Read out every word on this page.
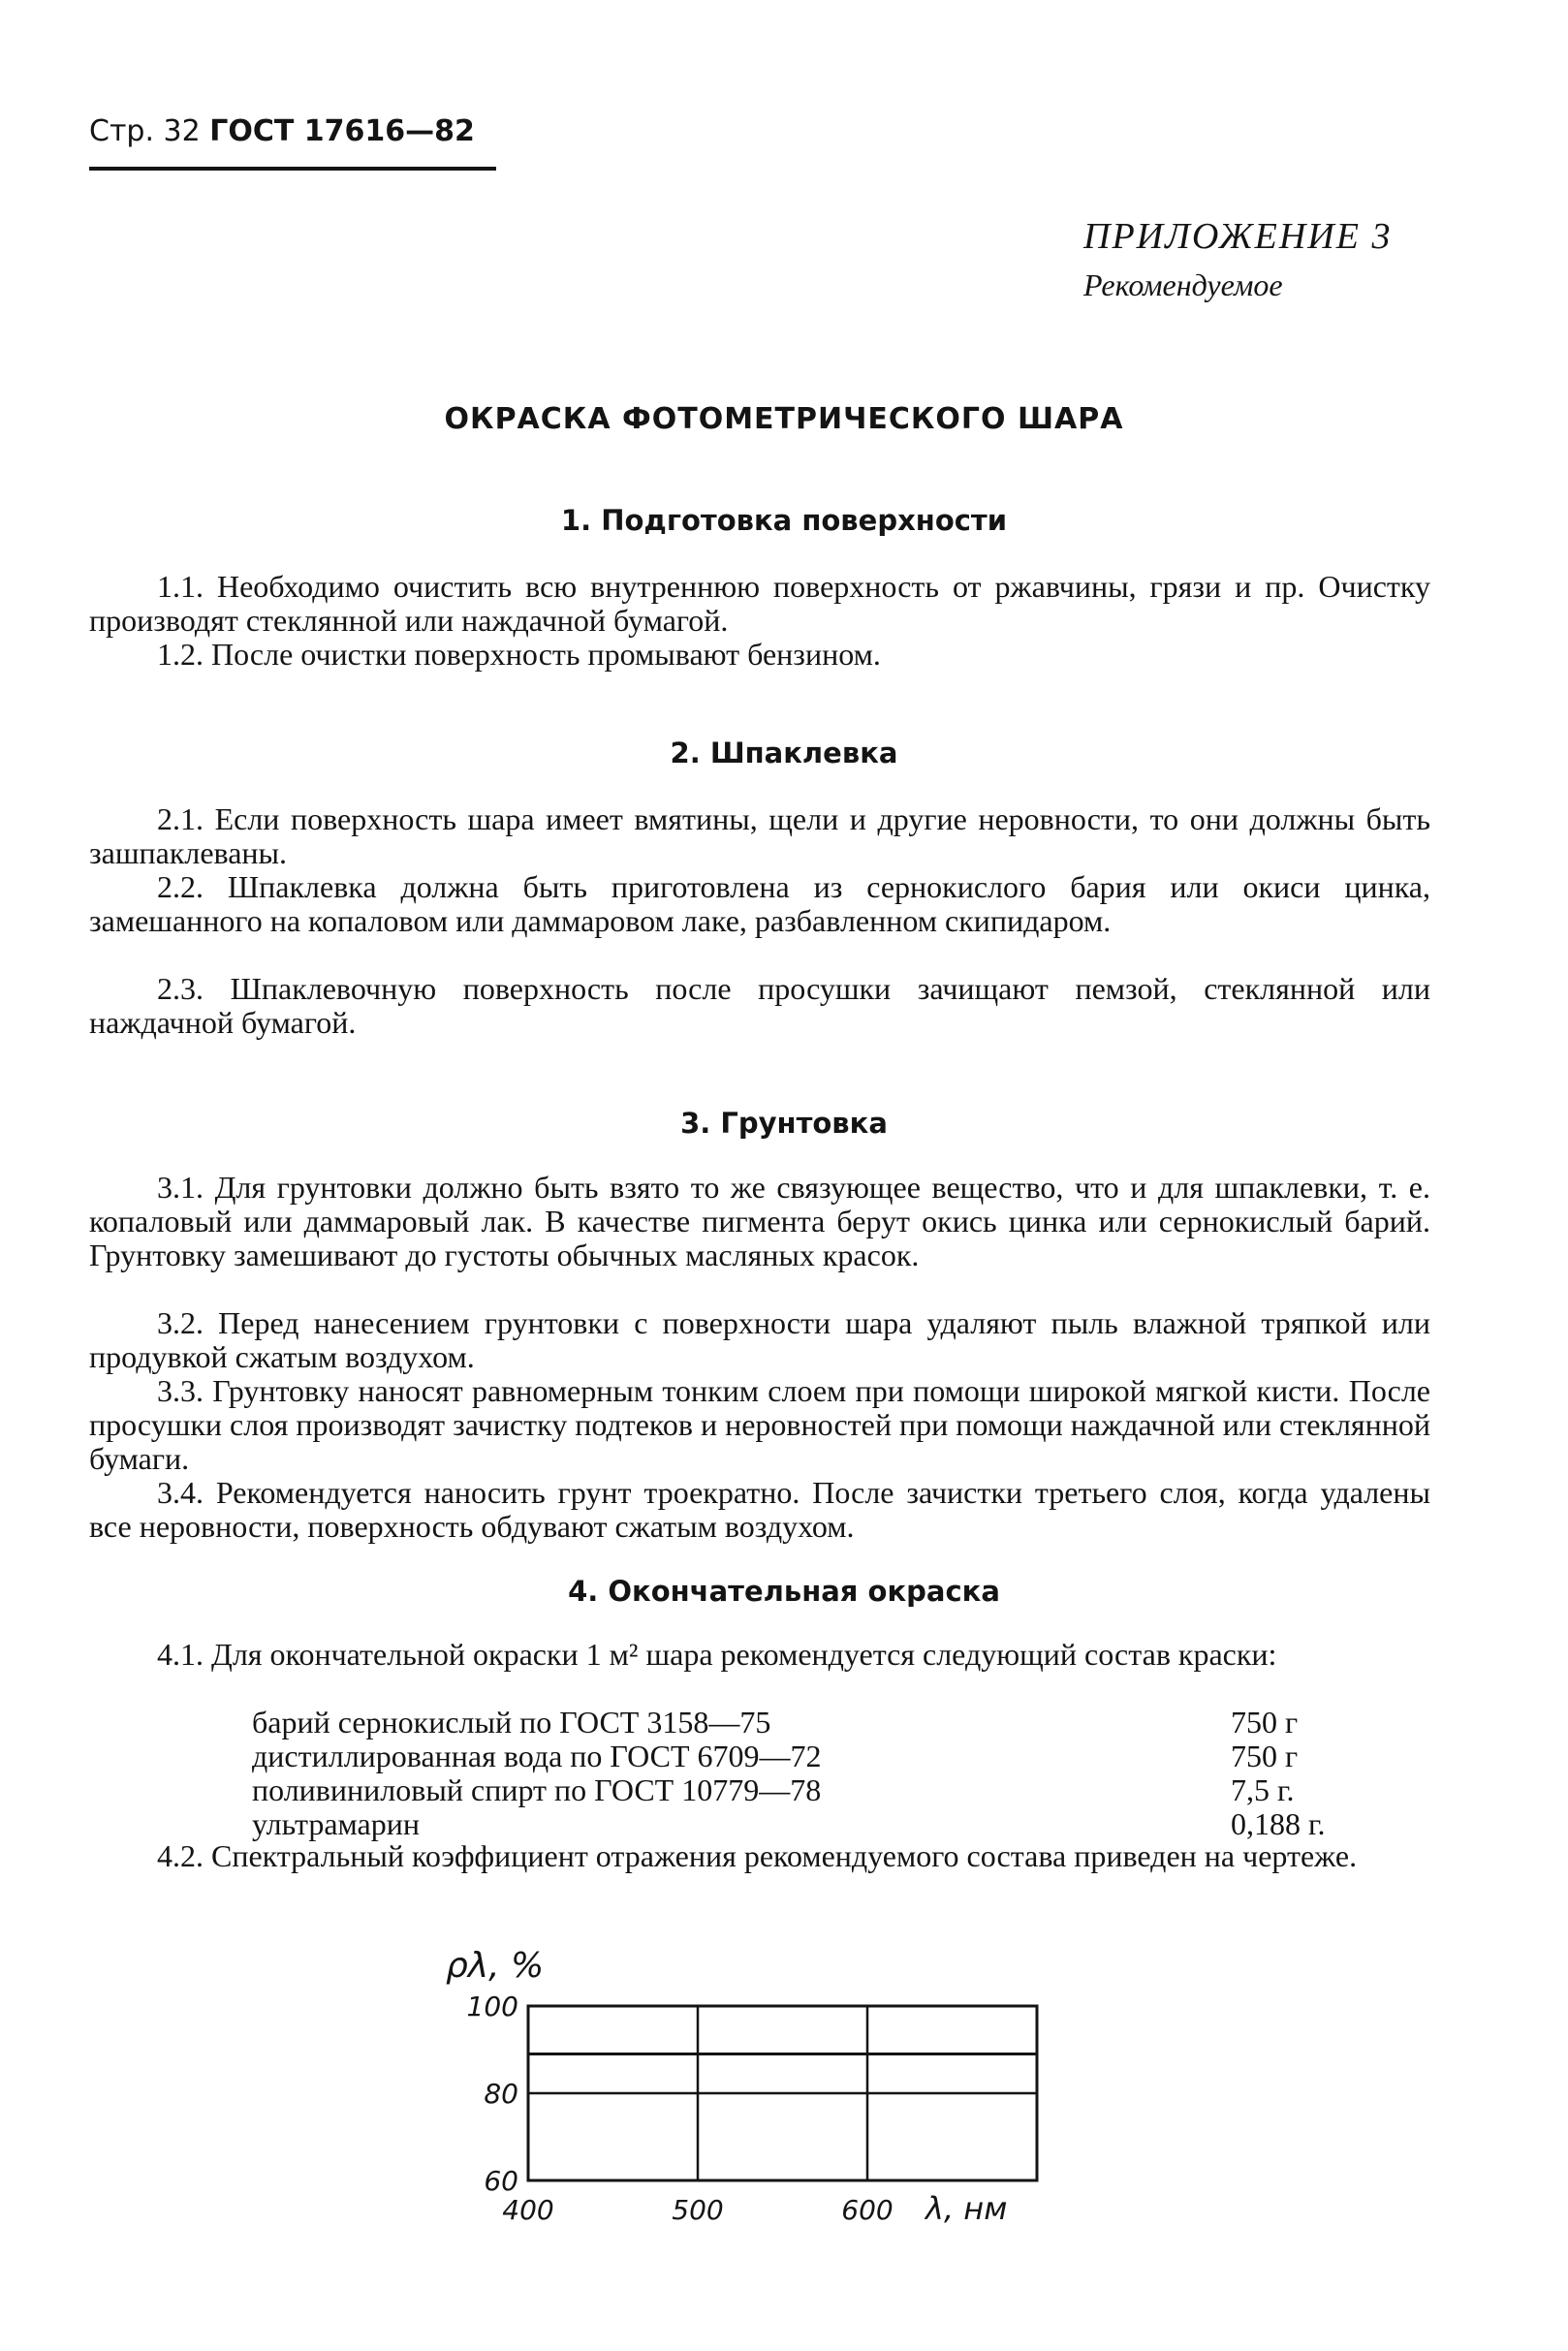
Стр. 32 ГОСТ 17616—82
ПРИЛОЖЕНИЕ 3
Рекомендуемое
ОКРАСКА ФОТОМЕТРИЧЕСКОГО ШАРА
1. Подготовка поверхности
1.1. Необходимо очистить всю внутреннюю поверхность от ржавчины, грязи и пр. Очистку производят стеклянной или наждачной бумагой.
1.2. После очистки поверхность промывают бензином.
2. Шпаклевка
2.1. Если поверхность шара имеет вмятины, щели и другие неровности, то они должны быть зашпаклеваны.
2.2. Шпаклевка должна быть приготовлена из сернокислого бария или окиси цинка, замешанного на копаловом или даммаровом лаке, разбавленном скипидаром.
2.3. Шпаклевочную поверхность после просушки зачищают пемзой, стеклянной или наждачной бумагой.
3. Грунтовка
3.1. Для грунтовки должно быть взято то же связующее вещество, что и для шпаклевки, т. е. копаловый или даммаровый лак. В качестве пигмента берут окись цинка или сернокислый барий. Грунтовку замешивают до густоты обычных масляных красок.
3.2. Перед нанесением грунтовки с поверхности шара удаляют пыль влажной тряпкой или продувкой сжатым воздухом.
3.3. Грунтовку наносят равномерным тонким слоем при помощи широкой мягкой кисти. После просушки слоя производят зачистку подтеков и неровностей при помощи наждачной или стеклянной бумаги.
3.4. Рекомендуется наносить грунт троекратно. После зачистки третьего слоя, когда удалены все неровности, поверхность обдувают сжатым воздухом.
4. Окончательная окраска
4.1. Для окончательной окраски 1 м² шара рекомендуется следующий состав краски:
барий сернокислый по ГОСТ 3158—75	750 г
дистиллированная вода по ГОСТ 6709—72	750 г
поливиниловый спирт по ГОСТ 10779—78	7,5 г.
ультрамарин	0,188 г.
4.2. Спектральный коэффициент отражения рекомендуемого состава приведен на чертеже.
400	500	600
100
80
60
ρλ, %
λ, нм
